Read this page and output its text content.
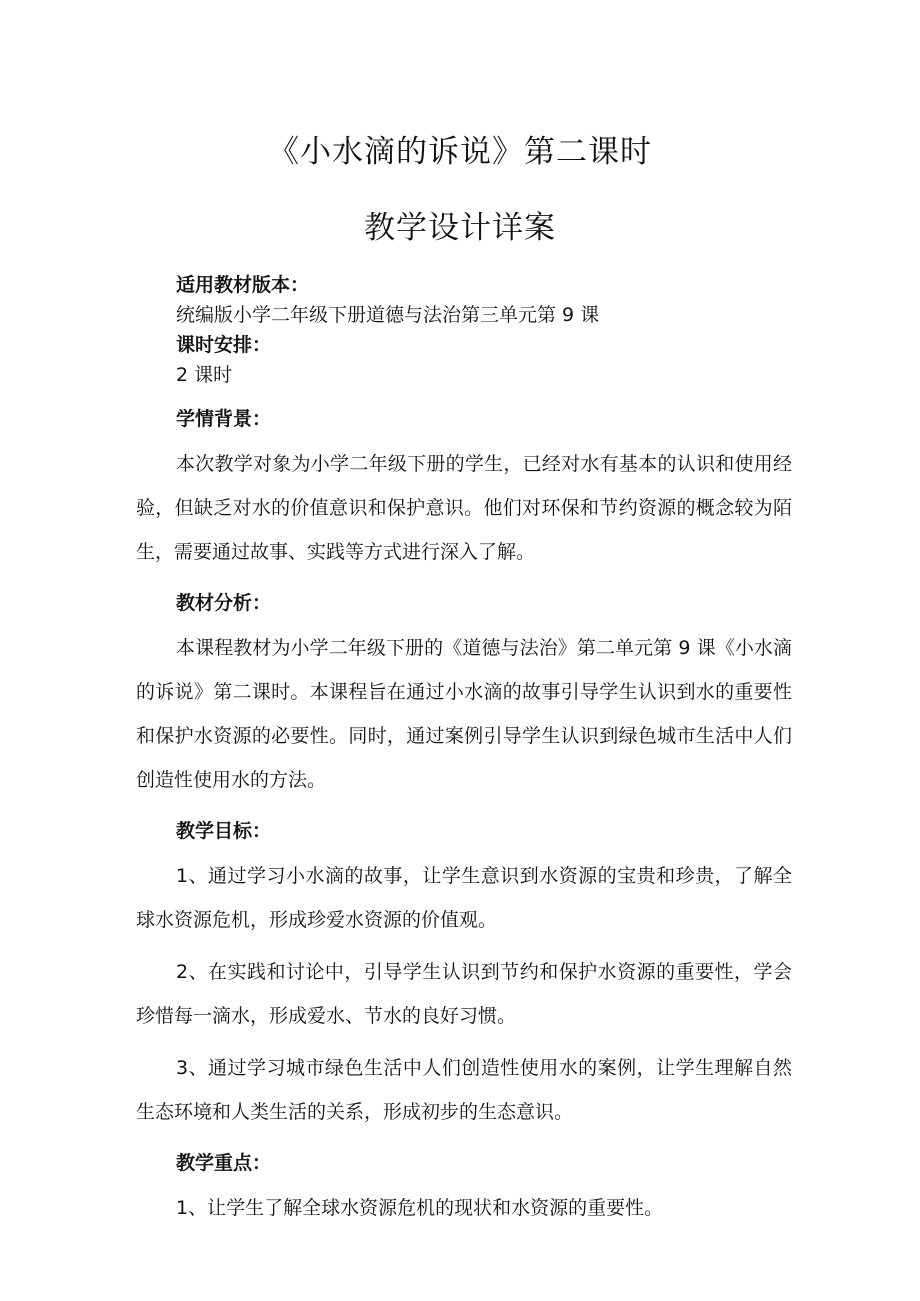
《小水滴的诉说》第二课时
教学设计详案
适用教材版本：
统编版小学二年级下册道德与法治第三单元第 9 课
课时安排：
2 课时
学情背景：

本次教学对象为小学二年级下册的学生，已经对水有基本的认识和使用经验，但缺乏对水的价值意识和保护意识。他们对环保和节约资源的概念较为陌生，需要通过故事、实践等方式进行深入了解。

教材分析：

本课程教材为小学二年级下册的《道德与法治》第二单元第 9 课《小水滴的诉说》第二课时。本课程旨在通过小水滴的故事引导学生认识到水的重要性和保护水资源的必要性。同时，通过案例引导学生认识到绿色城市生活中人们创造性使用水的方法。

教学目标：

1、通过学习小水滴的故事，让学生意识到水资源的宝贵和珍贵，了解全球水资源危机，形成珍爱水资源的价值观。

2、在实践和讨论中，引导学生认识到节约和保护水资源的重要性，学会珍惜每一滴水，形成爱水、节水的良好习惯。

3、通过学习城市绿色生活中人们创造性使用水的案例，让学生理解自然生态环境和人类生活的关系，形成初步的生态意识。

教学重点：

1、让学生了解全球水资源危机的现状和水资源的重要性。
